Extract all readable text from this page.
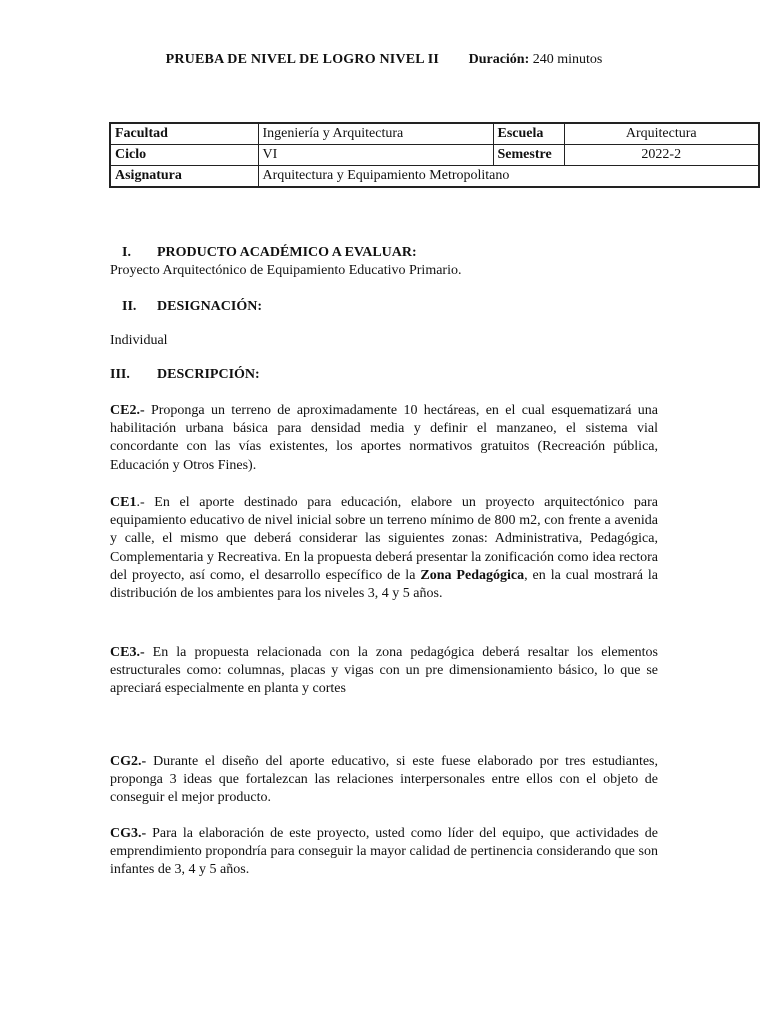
PRUEBA DE NIVEL DE LOGRO NIVEL II Duración: 240 minutos
Facultad	Ingeniería y Arquitectura	Escuela	Arquitectura
Ciclo	VI	Semestre	2022-2
Asignatura	Arquitectura y Equipamiento Metropolitano		
I. PRODUCTO ACADÉMICO A EVALUAR:
Proyecto Arquitectónico de Equipamiento Educativo Primario.
II. DESIGNACIÓN:
Individual
III. DESCRIPCIÓN:
CE2.- Proponga un terreno de aproximadamente 10 hectáreas, en el cual esquematizará una habilitación urbana básica para densidad media y definir el manzaneo, el sistema vial concordante con las vías existentes, los aportes normativos gratuitos (Recreación pública, Educación y Otros Fines).
CE1.- En el aporte destinado para educación, elabore un proyecto arquitectónico para equipamiento educativo de nivel inicial sobre un terreno mínimo de 800 m2, con frente a avenida y calle, el mismo que deberá considerar las siguientes zonas: Administrativa, Pedagógica, Complementaria y Recreativa. En la propuesta deberá presentar la zonificación como idea rectora del proyecto, así como, el desarrollo específico de la Zona Pedagógica, en la cual mostrará la distribución de los ambientes para los niveles 3, 4 y 5 años.
CE3.- En la propuesta relacionada con la zona pedagógica deberá resaltar los elementos estructurales como: columnas, placas y vigas con un pre dimensionamiento básico, lo que se apreciará especialmente en planta y cortes
CG2.- Durante el diseño del aporte educativo, si este fuese elaborado por tres estudiantes, proponga 3 ideas que fortalezcan las relaciones interpersonales entre ellos con el objeto de conseguir el mejor producto.
CG3.- Para la elaboración de este proyecto, usted como líder del equipo, que actividades de emprendimiento propondría para conseguir la mayor calidad de pertinencia considerando que son infantes de 3, 4 y 5 años.
